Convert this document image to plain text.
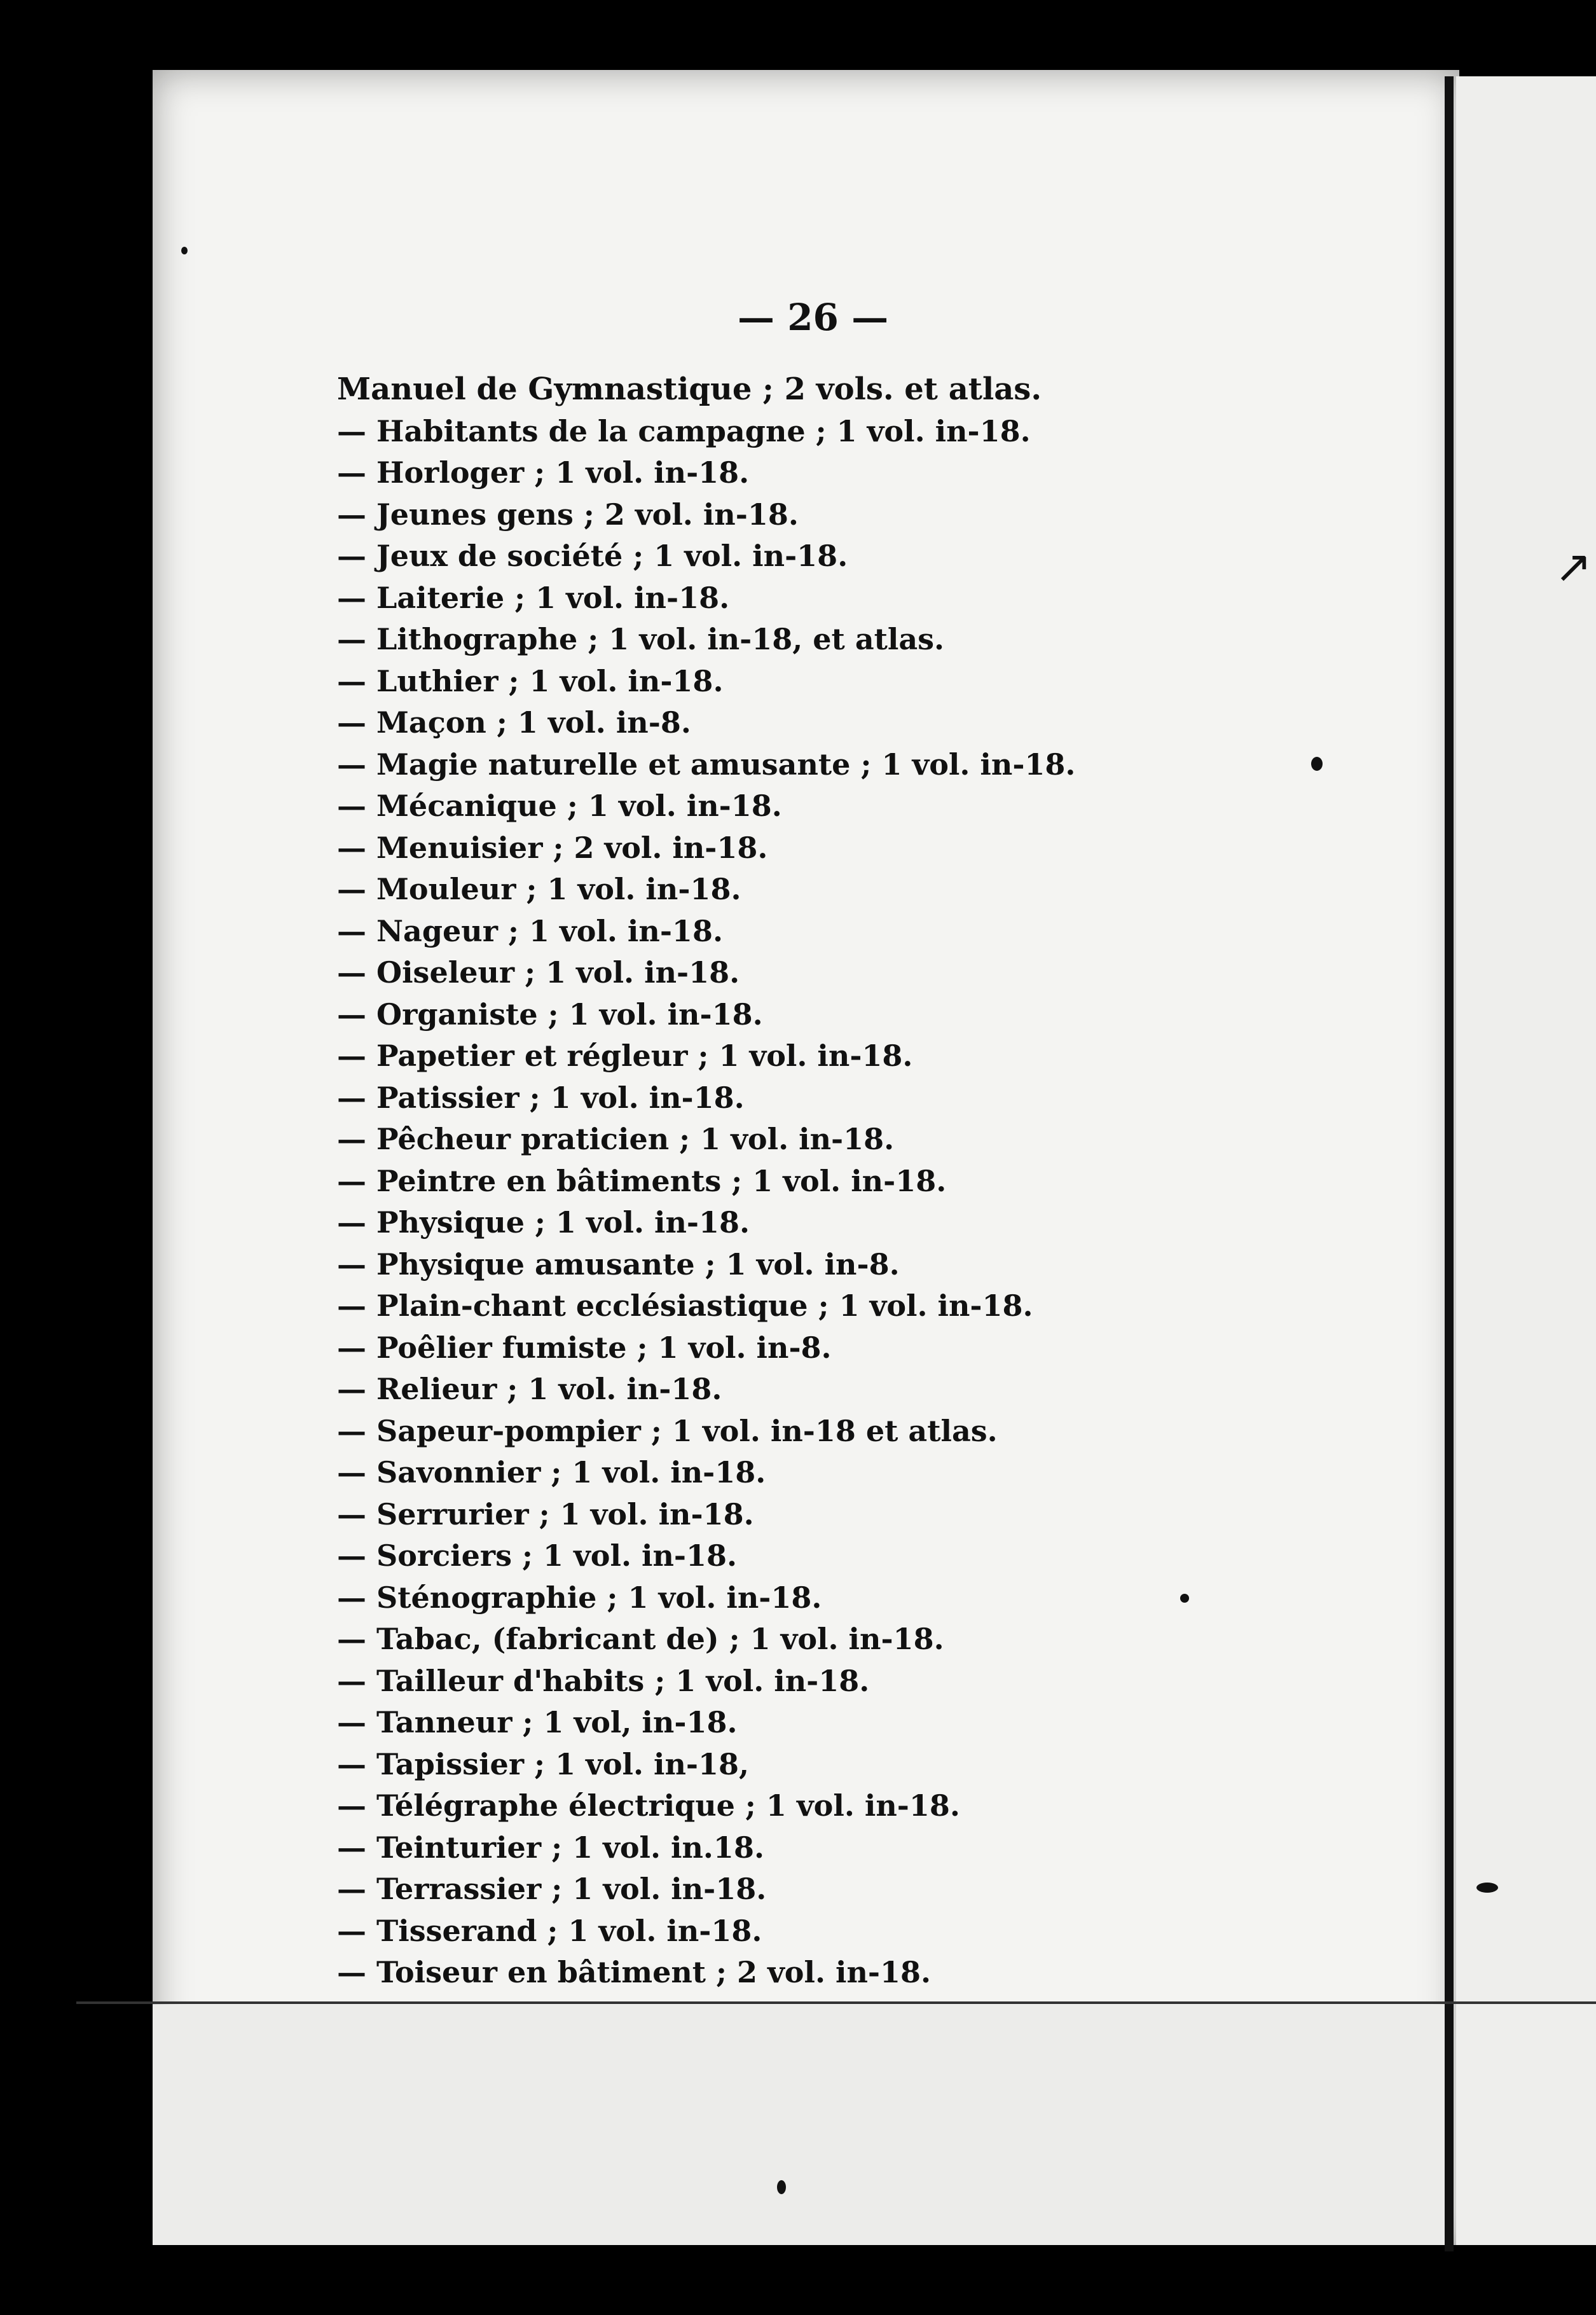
— 26 —
Manuel de Gymnastique ; 2 vols. et atlas.
— Habitants de la campagne ; 1 vol. in-18.
— Horloger ; 1 vol. in-18.
— Jeunes gens ; 2 vol. in-18.
— Jeux de société ; 1 vol. in-18.
— Laiterie ; 1 vol. in-18.
— Lithographe ; 1 vol. in-18, et atlas.
— Luthier ; 1 vol. in-18.
— Maçon ; 1 vol. in-8.
— Magie naturelle et amusante ; 1 vol. in-18.
— Mécanique ; 1 vol. in-18.
— Menuisier ; 2 vol. in-18.
— Mouleur ; 1 vol. in-18.
— Nageur ; 1 vol. in-18.
— Oiseleur ; 1 vol. in-18.
— Organiste ; 1 vol. in-18.
— Papetier et régleur ; 1 vol. in-18.
— Patissier ; 1 vol. in-18.
— Pêcheur praticien ; 1 vol. in-18.
— Peintre en bâtiments ; 1 vol. in-18.
— Physique ; 1 vol. in-18.
— Physique amusante ; 1 vol. in-8.
— Plain-chant ecclésiastique ; 1 vol. in-18.
— Poêlier fumiste ; 1 vol. in-8.
— Relieur ; 1 vol. in-18.
— Sapeur-pompier ; 1 vol. in-18 et atlas.
— Savonnier ; 1 vol. in-18.
— Serrurier ; 1 vol. in-18.
— Sorciers ; 1 vol. in-18.
— Sténographie ; 1 vol. in-18.
— Tabac, (fabricant de) ; 1 vol. in-18.
— Tailleur d'habits ; 1 vol. in-18.
— Tanneur ; 1 vol, in-18.
— Tapissier ; 1 vol. in-18,
— Télégraphe électrique ; 1 vol. in-18.
— Teinturier ; 1 vol. in.18.
— Terrassier ; 1 vol. in-18.
— Tisserand ; 1 vol. in-18.
— Toiseur en bâtiment ; 2 vol. in-18.
↗
